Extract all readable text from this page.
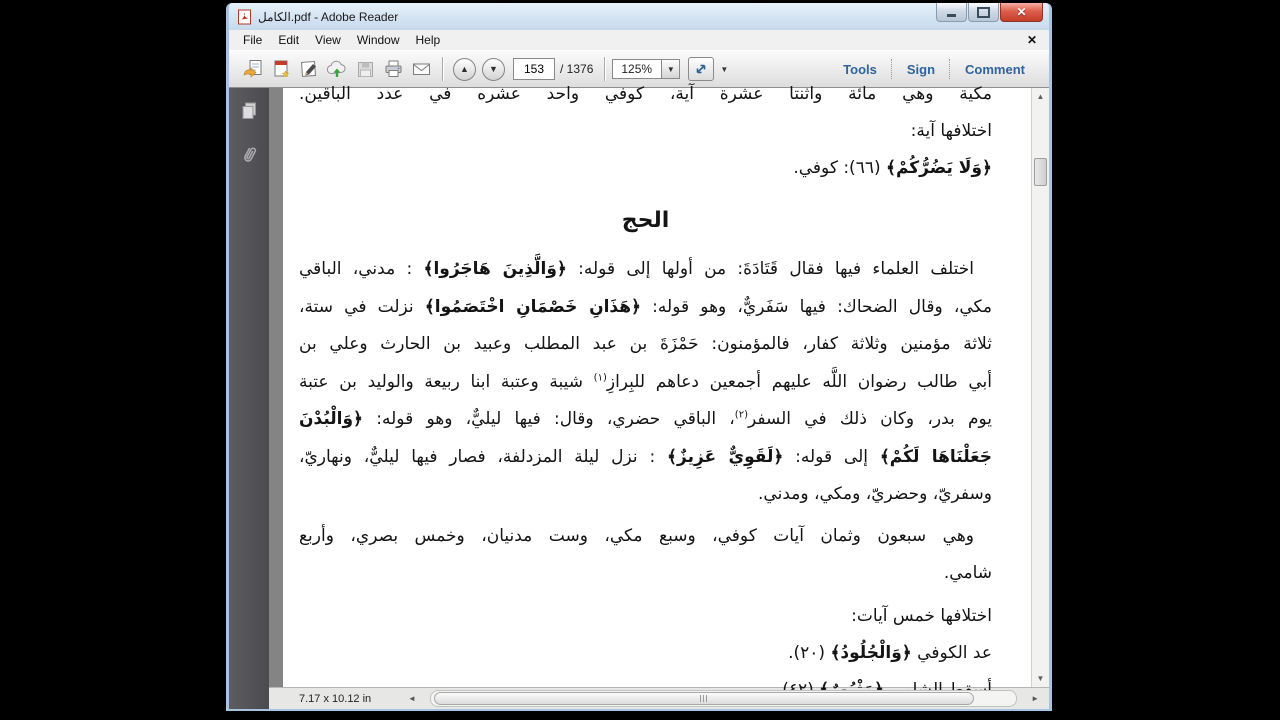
الكامل.pdf - Adobe Reader	✕
File	Edit	View	Window	Help	✕
▲ ▼
153	/ 1376	125%	▼	▼	Tools	Sign	Comment
مكية وهي مائة واثنتا عشرة آية، كوفي واحد عشره في عدد الباقين.
اختلافها آية:
﴿وَلَا يَضُرُّكُمْ﴾ (٦٦): كوفي.
الحج
اختلف العلماء فيها فقال قَتَادَةَ: من أولها إلى قوله: ﴿وَالَّذِينَ هَاجَرُوا﴾ : مدني، الباقي
مكي، وقال الضحاك: فيها سَفَريٌّ، وهو قوله: ﴿هَذَانِ خَصْمَانِ اخْتَصَمُوا﴾ نزلت في ستة،
ثلاثة مؤمنين وثلاثة كفار، فالمؤمنون: حَمْزَةَ بن عبد المطلب وعبيد بن الحارث وعلي بن
أبي طالب رضوان اللَّه عليهم أجمعين دعاهم للبِرازِ$^{(١)}$ شيبة وعتبة ابنا ربيعة والوليد بن عتبة
يوم بدر، وكان ذلك في السفر$^{(٢)}$، الباقي حضري، وقال: فيها ليليٌّ، وهو قوله: ﴿وَالْبُدْنَ
جَعَلْنَاهَا لَكُمْ﴾ إلى قوله: ﴿لَقَوِيٌّ عَزِيزٌ﴾ : نزل ليلة المزدلفة، فصار فيها ليليٌّ، ونهاريّ،
وسفريّ، وحضريّ، ومكي، ومدني.
وهي سبعون وثمان آيات كوفي، وسبع مكي، وست مدنيان، وخمس بصري، وأربع
شامي.
اختلافها خمس آيات:
عد الكوفي ﴿وَالْجُلُودُ﴾ (٢٠).
▲
▼
7.17 x 10.12 in	◄	►
